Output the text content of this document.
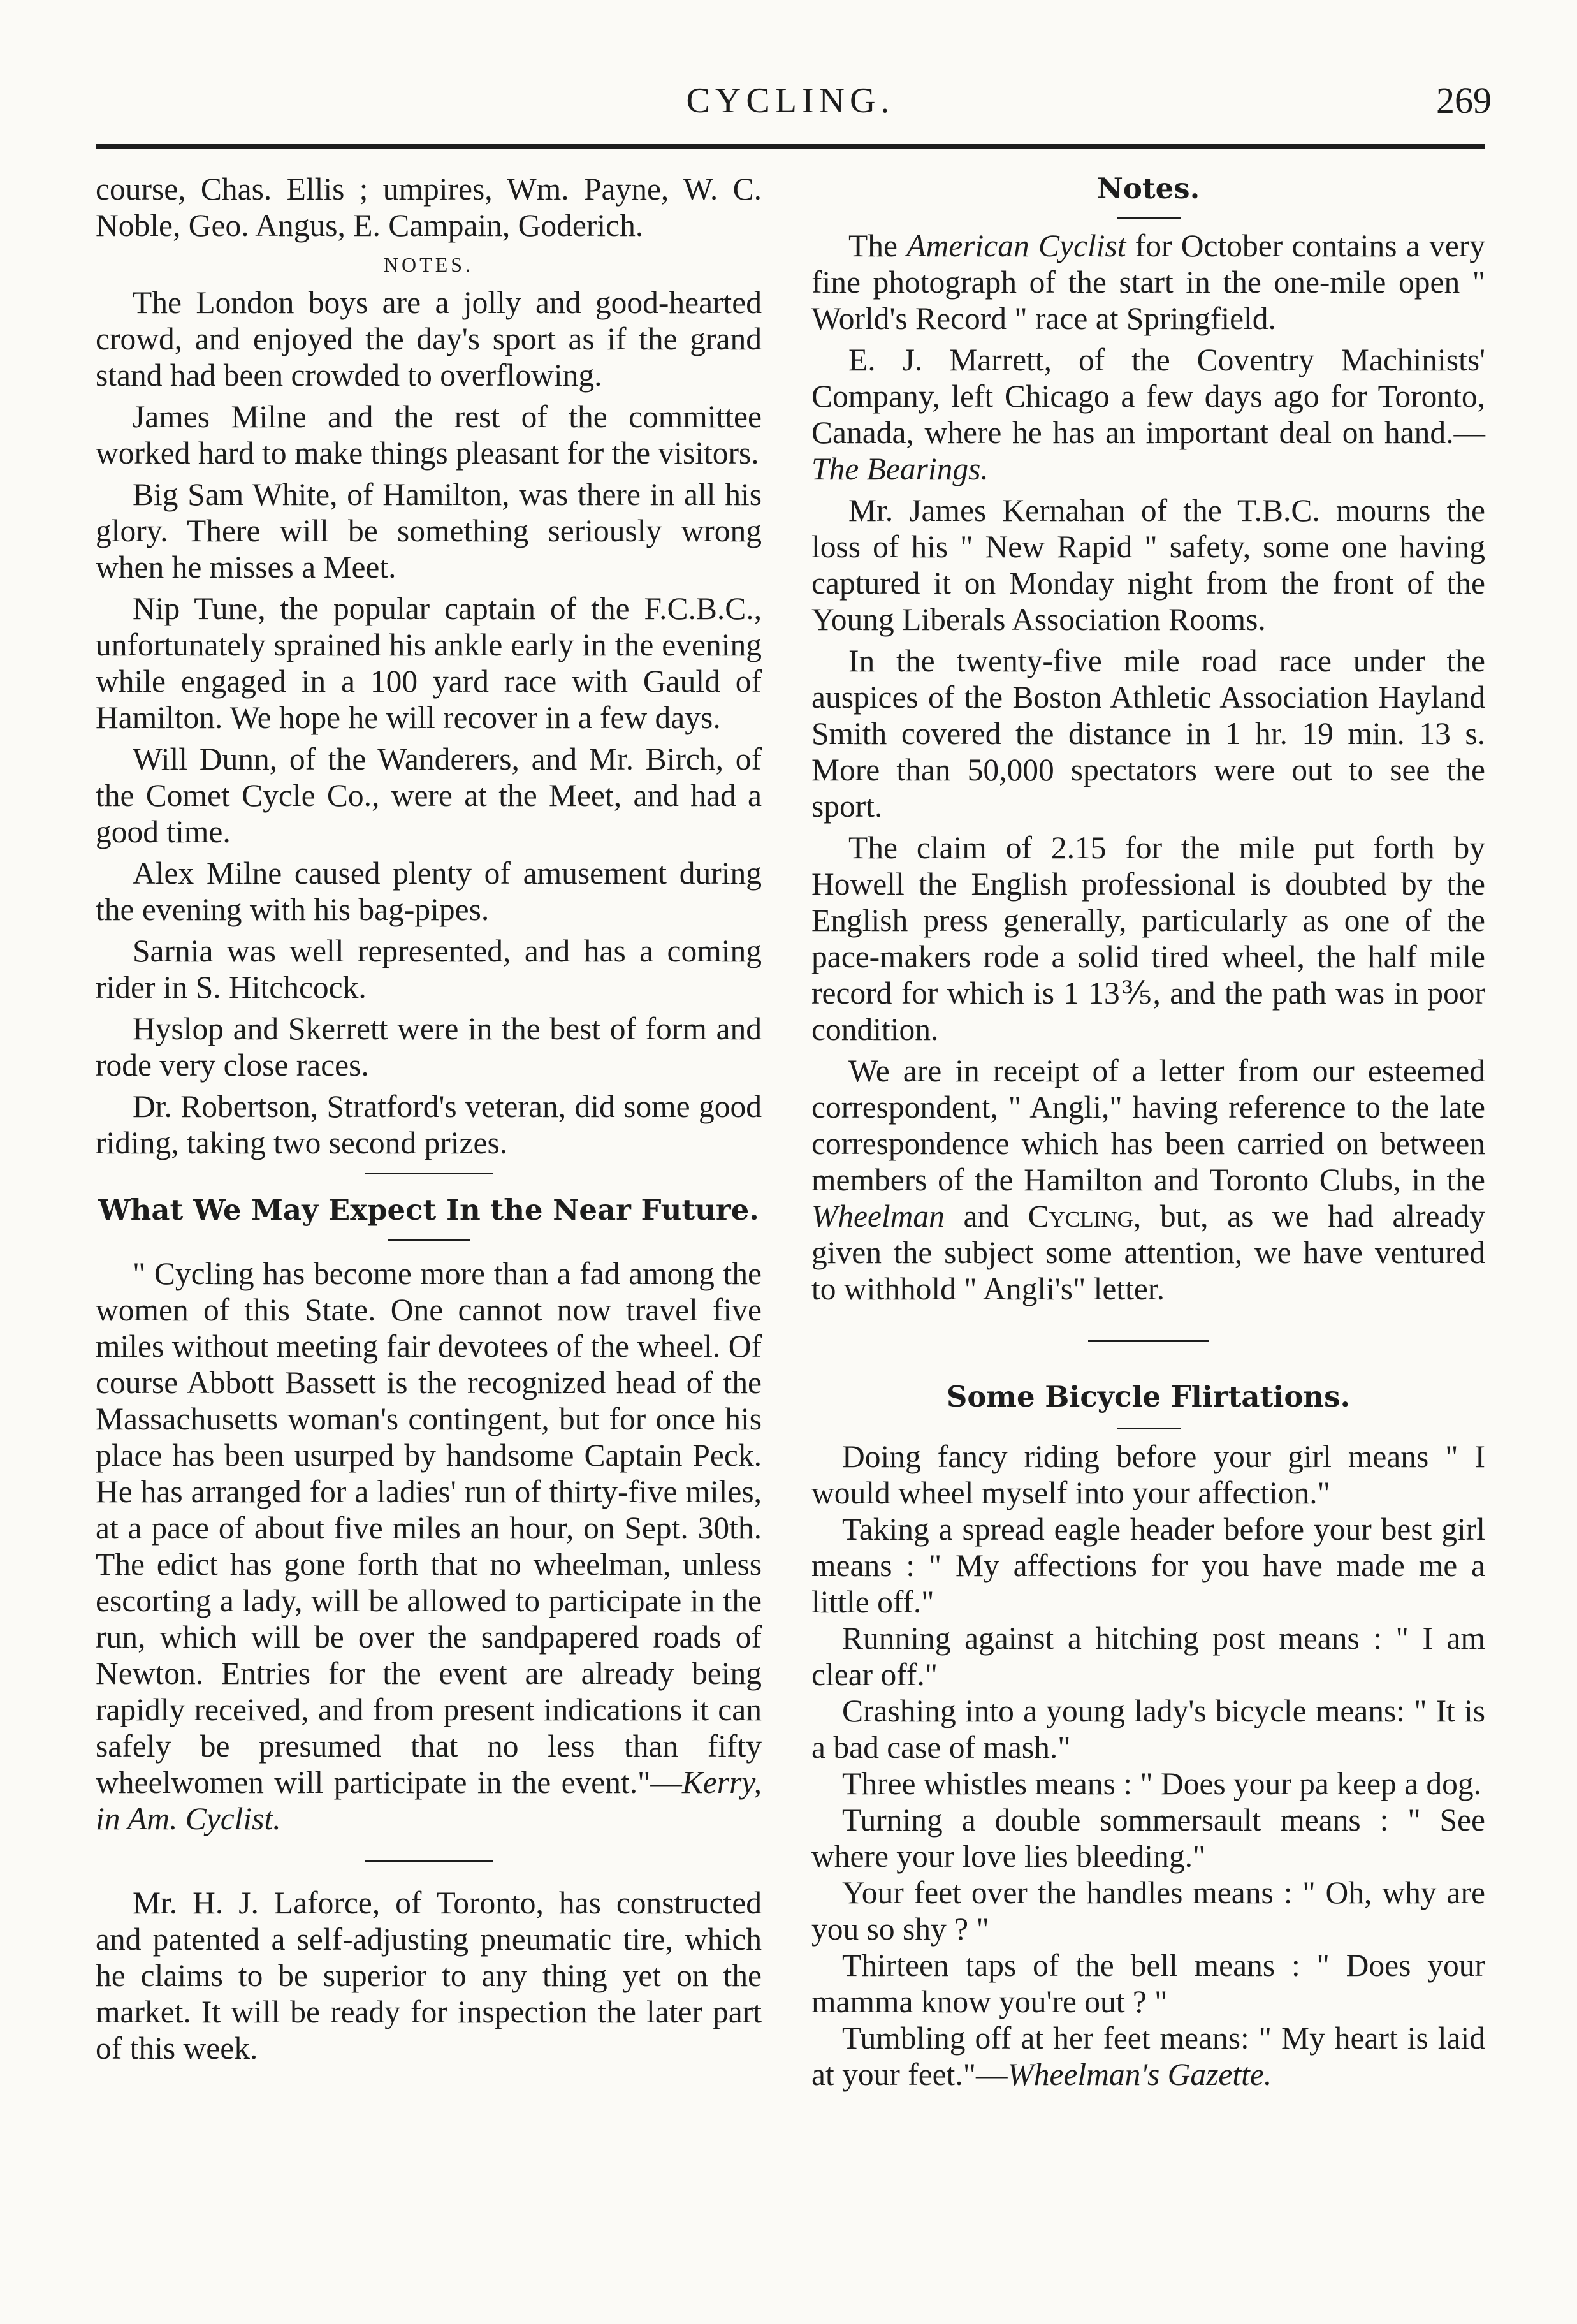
CYCLING.	269

course, Chas. Ellis ; umpires, Wm. Payne, W. C. Noble, Geo. Angus, E. Campain, Goderich.

NOTES.

The London boys are a jolly and good-hearted crowd, and enjoyed the day's sport as if the grand stand had been crowded to overflowing.

James Milne and the rest of the committee worked hard to make things pleasant for the visitors.

Big Sam White, of Hamilton, was there in all his glory. There will be something seriously wrong when he misses a Meet.

Nip Tune, the popular captain of the F.C.B.C., unfortunately sprained his ankle early in the evening while engaged in a 100 yard race with Gauld of Hamilton. We hope he will recover in a few days.

Will Dunn, of the Wanderers, and Mr. Birch, of the Comet Cycle Co., were at the Meet, and had a good time.

Alex Milne caused plenty of amusement during the evening with his bag-pipes.

Sarnia was well represented, and has a coming rider in S. Hitchcock.

Hyslop and Skerrett were in the best of form and rode very close races.

Dr. Robertson, Stratford's veteran, did some good riding, taking two second prizes.

What We May Expect In the Near Future.

" Cycling has become more than a fad among the women of this State. One cannot now travel five miles without meeting fair devotees of the wheel. Of course Abbott Bassett is the recognized head of the Massachusetts woman's contingent, but for once his place has been usurped by handsome Captain Peck. He has arranged for a ladies' run of thirty-five miles, at a pace of about five miles an hour, on Sept. 30th. The edict has gone forth that no wheelman, unless escorting a lady, will be allowed to participate in the run, which will be over the sandpapered roads of Newton. Entries for the event are already being rapidly received, and from present indications it can safely be presumed that no less than fifty wheelwomen will participate in the event."—Kerry, in Am. Cyclist.

Mr. H. J. Laforce, of Toronto, has constructed and patented a self-adjusting pneumatic tire, which he claims to be superior to any thing yet on the market. It will be ready for inspection the later part of this week.

Notes.

The American Cyclist for October contains a very fine photograph of the start in the one-mile open " World's Record " race at Springfield.

E. J. Marrett, of the Coventry Machinists' Company, left Chicago a few days ago for Toronto, Canada, where he has an important deal on hand.—The Bearings.

Mr. James Kernahan of the T.B.C. mourns the loss of his " New Rapid " safety, some one having captured it on Monday night from the front of the Young Liberals Association Rooms.

In the twenty-five mile road race under the auspices of the Boston Athletic Association Hayland Smith covered the distance in 1 hr. 19 min. 13 s. More than 50,000 spectators were out to see the sport.

The claim of 2.15 for the mile put forth by Howell the English professional is doubted by the English press generally, particularly as one of the pace-makers rode a solid tired wheel, the half mile record for which is 1 13⅗, and the path was in poor condition.

We are in receipt of a letter from our esteemed correspondent, " Angli," having reference to the late correspondence which has been carried on between members of the Hamilton and Toronto Clubs, in the Wheelman and Cycling, but, as we had already given the subject some attention, we have ventured to withhold " Angli's" letter.

Some Bicycle Flirtations.

Doing fancy riding before your girl means " I would wheel myself into your affection."

Taking a spread eagle header before your best girl means : " My affections for you have made me a little off."

Running against a hitching post means : " I am clear off."

Crashing into a young lady's bicycle means: " It is a bad case of mash."

Three whistles means : " Does your pa keep a dog.

Turning a double sommersault means : " See where your love lies bleeding."

Your feet over the handles means : " Oh, why are you so shy ? "

Thirteen taps of the bell means : " Does your mamma know you're out ? "

Tumbling off at her feet means: " My heart is laid at your feet."—Wheelman's Gazette.
